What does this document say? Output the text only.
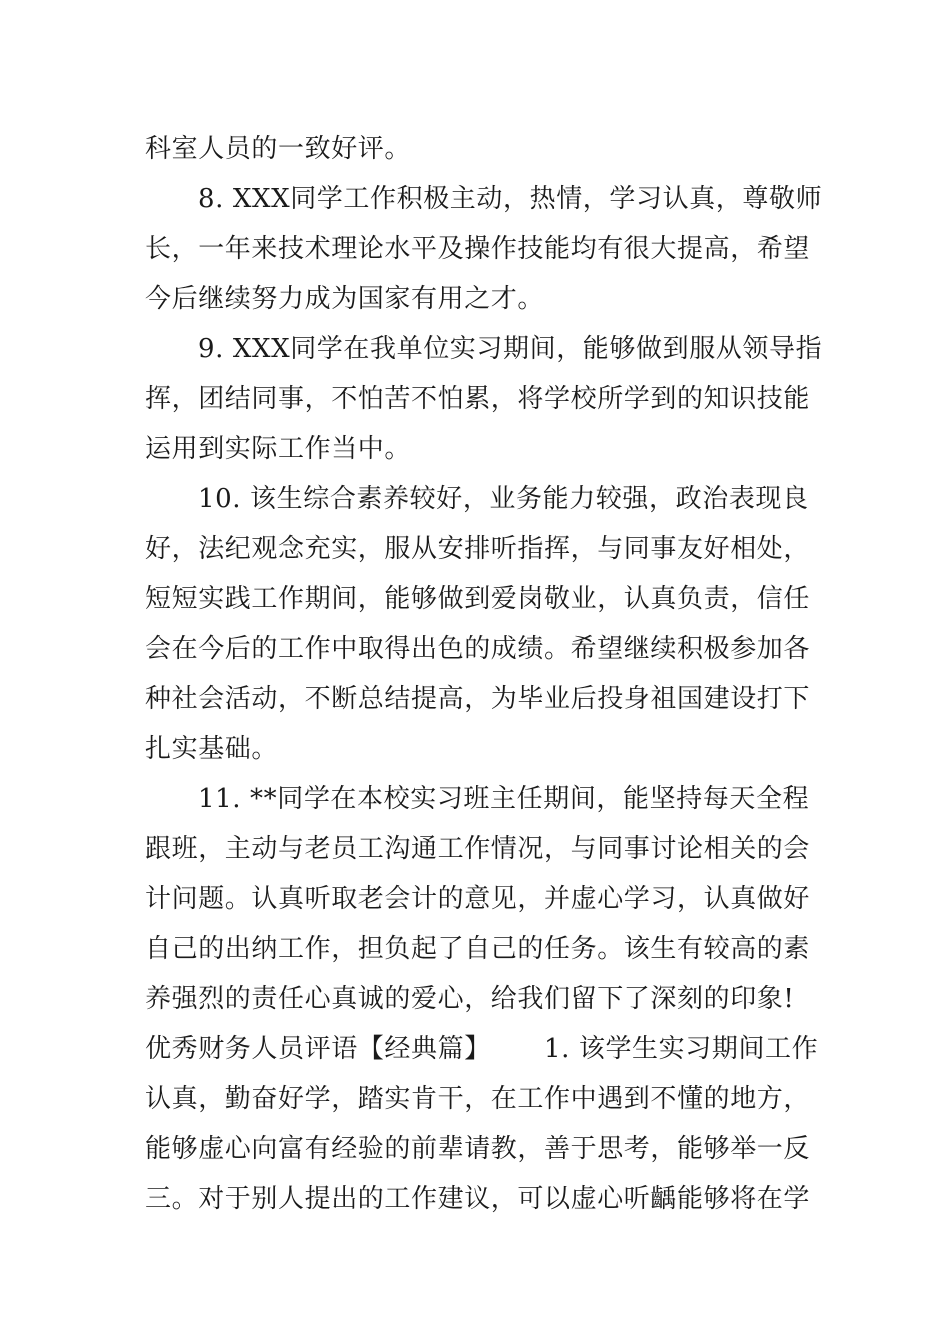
科室人员的一致好评。
8. XXX同学工作积极主动，热情，学习认真，尊敬师
长，一年来技术理论水平及操作技能均有很大提高，希望
今后继续努力成为国家有用之才。
9. XXX同学在我单位实习期间，能够做到服从领导指
挥，团结同事，不怕苦不怕累，将学校所学到的知识技能
运用到实际工作当中。
10. 该生综合素养较好，业务能力较强，政治表现良
好，法纪观念充实，服从安排听指挥，与同事友好相处，
短短实践工作期间，能够做到爱岗敬业，认真负责，信任
会在今后的工作中取得出色的成绩。希望继续积极参加各
种社会活动，不断总结提高，为毕业后投身祖国建设打下
扎实基础。
11. **同学在本校实习班主任期间，能坚持每天全程
跟班，主动与老员工沟通工作情况，与同事讨论相关的会
计问题。认真听取老会计的意见，并虚心学习，认真做好
自己的出纳工作，担负起了自己的任务。该生有较高的素
养强烈的责任心真诚的爱心，给我们留下了深刻的印象!
优秀财务人员评语【经典篇】      1. 该学生实习期间工作
认真，勤奋好学，踏实肯干，在工作中遇到不懂的地方，
能够虚心向富有经验的前辈请教，善于思考，能够举一反
三。对于别人提出的工作建议，可以虚心听齲能够将在学
